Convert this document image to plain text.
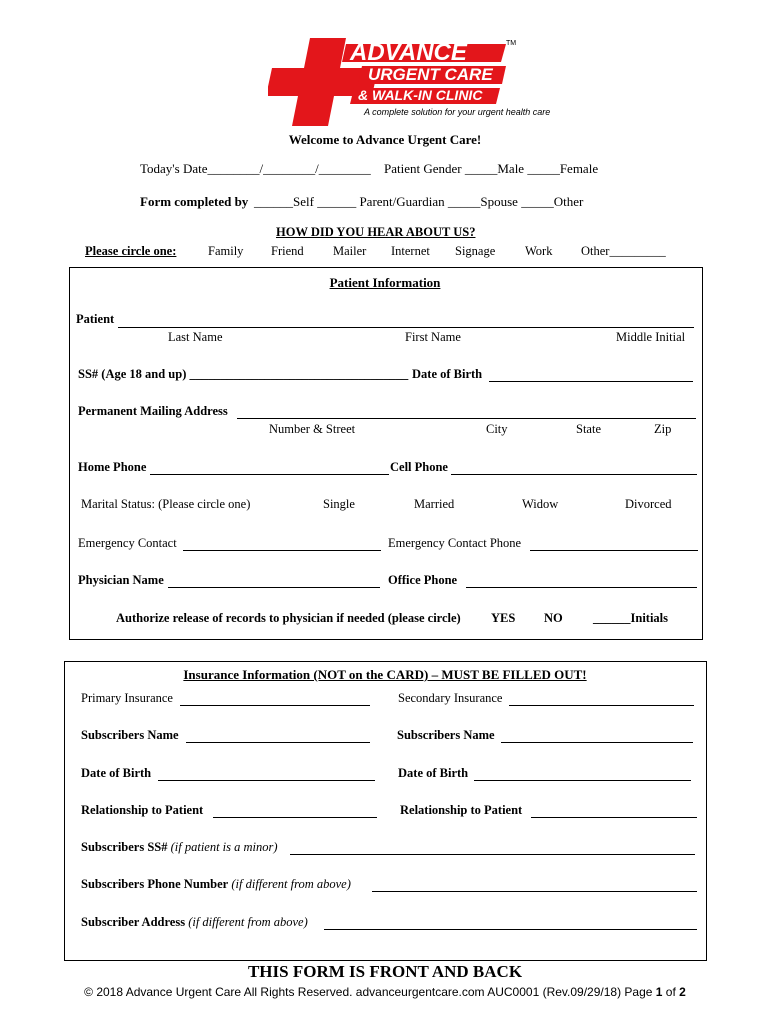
ADVANCE	TM
URGENT CARE
& WALK-IN CLINIC
A complete solution for your urgent health care
Welcome to Advance Urgent Care!
Today's Date________/________/________ Patient Gender _____Male _____Female
Form completed by ______Self ______ Parent/Guardian _____Spouse _____Other
HOW DID YOU HEAR ABOUT US?
Please circle one:	Family Friend Mailer Internet Signage Work Other_________
Patient Information
Patient
Last Name	First Name	Middle Initial
SS# (Age 18 and up) ___________________________________ Date of Birth
Permanent Mailing Address
Number & Street	City	State	Zip
Home Phone	Cell Phone
Marital Status: (Please circle one)	Single	Married	Widow	Divorced
Emergency Contact	Emergency Contact Phone
Physician Name	Office Phone
Authorize release of records to physician if needed (please circle) YES NO ______Initials
Insurance Information (NOT on the CARD) – MUST BE FILLED OUT!
Primary Insurance	Secondary Insurance
Subscribers Name	Subscribers Name
Date of Birth	Date of Birth
Relationship to Patient	Relationship to Patient
Subscribers SS# (if patient is a minor)
Subscribers Phone Number (if different from above)
Subscriber Address (if different from above)
THIS FORM IS FRONT AND BACK
© 2018 Advance Urgent Care All Rights Reserved. advanceurgentcare.com AUC0001 (Rev.09/29/18) Page 1 of 2
